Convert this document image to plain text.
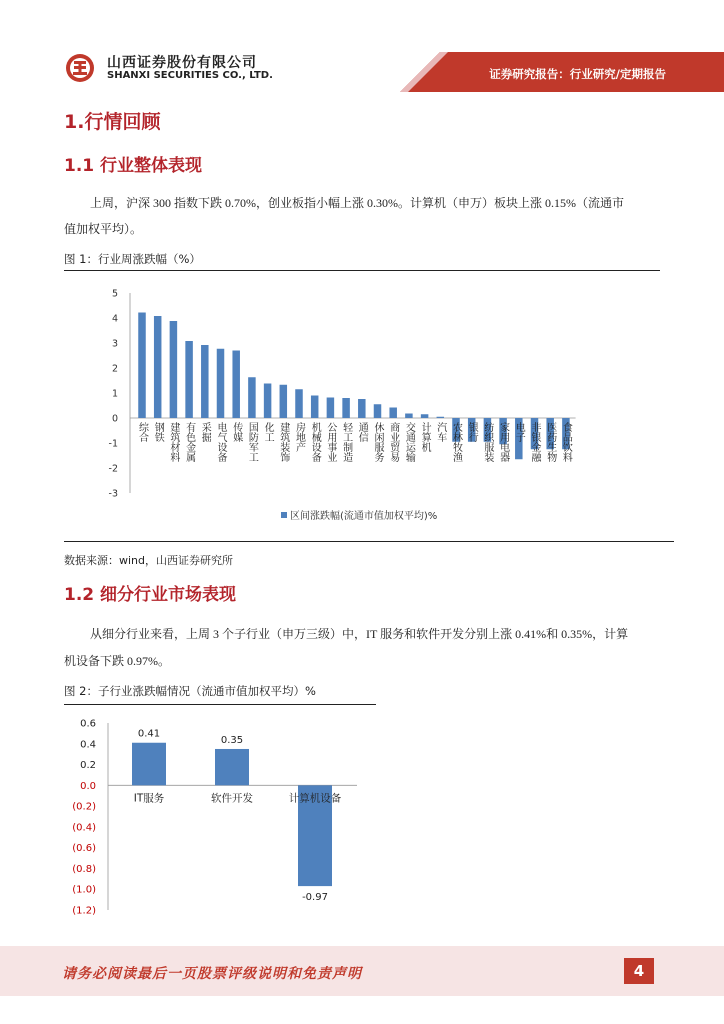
山西证券股份有限公司
SHANXI SECURITIES CO., LTD.	证券研究报告：行业研究/定期报告
1.行情回顾
1.1 行业整体表现
上周，沪深 300 指数下跌 0.70%，创业板指小幅上涨 0.30%。计算机（申万）板块上涨 0.15%（流通市
值加权平均）。
图 1：行业周涨跌幅（%）
5
4
3
2
1
0
-1
-2
-3
综合 钢铁 建筑材料 有色金属 采掘 电气设备 传媒 国防军工 化工 建筑装饰 房地产 机械设备 公用事业 轻工制造 通信 休闲服务 商业贸易 交通运输 计算机 汽车 农林牧渔 银行 纺织服装 家用电器 电子 非银金融 医药生物 食品饮料
区间涨跌幅(流通市值加权平均)%
数据来源：wind，山西证券研究所
1.2 细分行业市场表现
从细分行业来看，上周 3 个子行业（申万三级）中，IT 服务和软件开发分别上涨 0.41%和 0.35%，计算
机设备下跌 0.97%。
图 2：子行业涨跌幅情况（流通市值加权平均）%
0.6
0.4
0.2
0.0
(0.2)
(0.4)
(0.6)
(0.8)
(1.0)
(1.2)
IT服务
0.41
软件开发
0.35
计算机设备
-0.97
请务必阅读最后一页股票评级说明和免责声明	4
